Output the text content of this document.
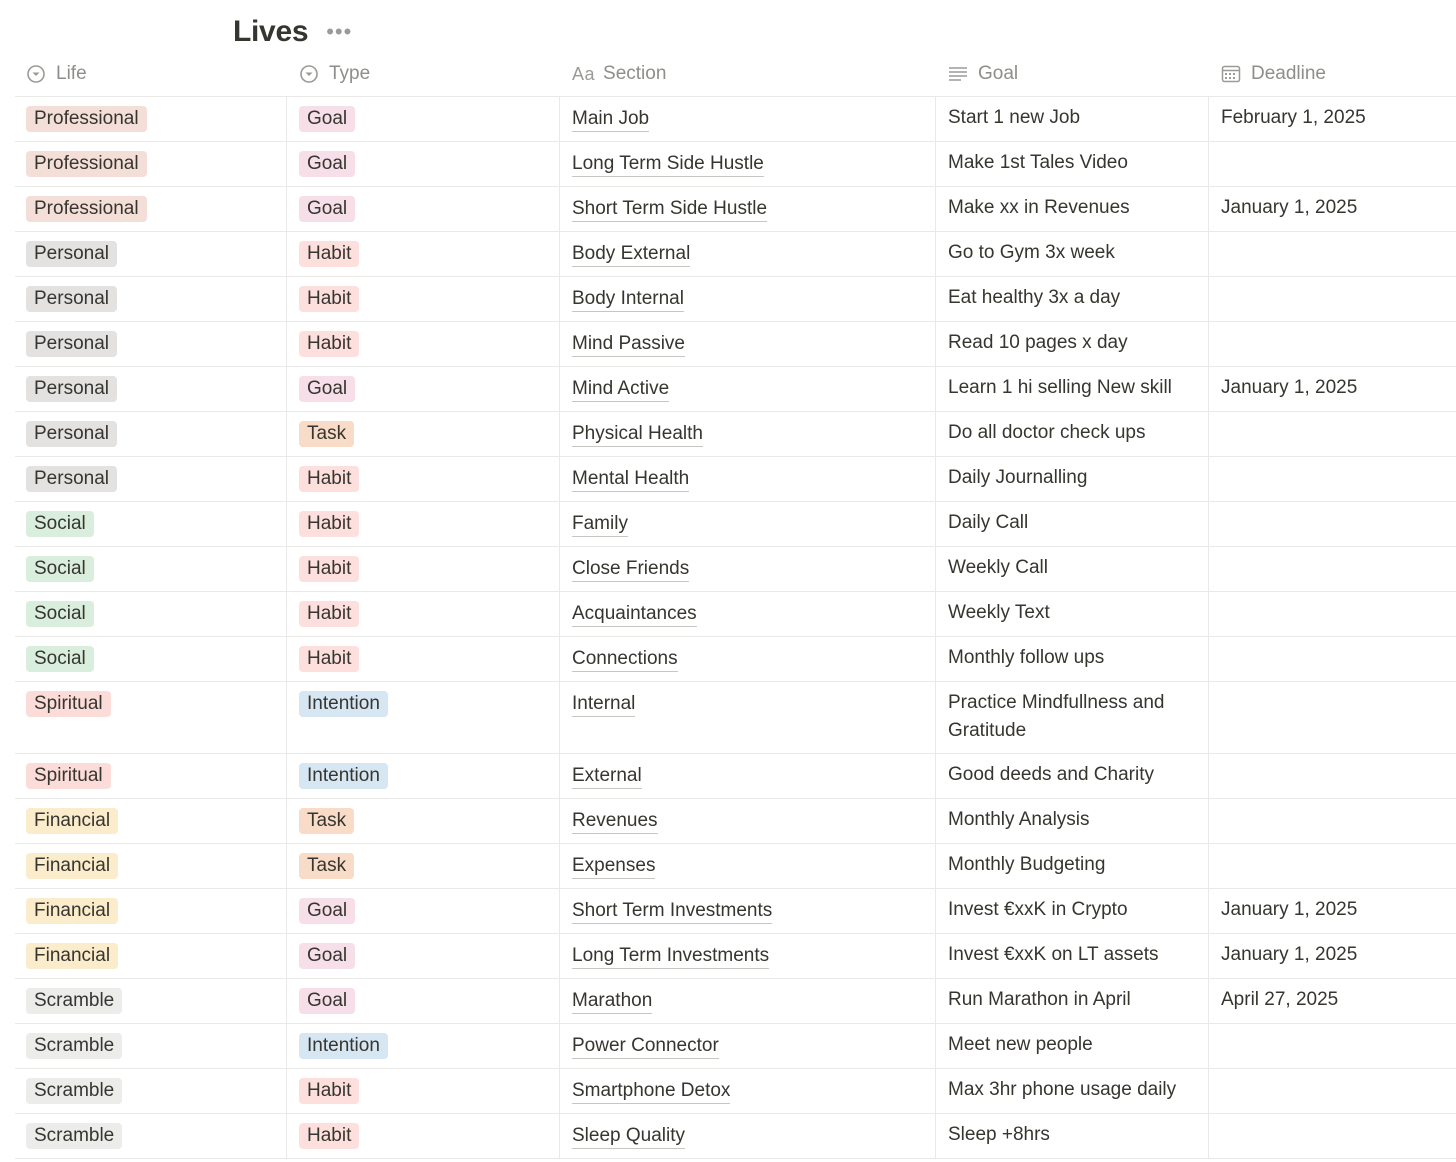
Lives •••
Life	Type	Aa Section	Goal	Deadline
Professional	Goal	Main Job	Start 1 new Job	February 1, 2025
Professional	Goal	Long Term Side Hustle	Make 1st Tales Video
Professional	Goal	Short Term Side Hustle	Make xx in Revenues	January 1, 2025
Personal	Habit	Body External	Go to Gym 3x week
Personal	Habit	Body Internal	Eat healthy 3x a day
Personal	Habit	Mind Passive	Read 10 pages x day
Personal	Goal	Mind Active	Learn 1 hi selling New skill	January 1, 2025
Personal	Task	Physical Health	Do all doctor check ups
Personal	Habit	Mental Health	Daily Journalling
Social	Habit	Family	Daily Call
Social	Habit	Close Friends	Weekly Call
Social	Habit	Acquaintances	Weekly Text
Social	Habit	Connections	Monthly follow ups
Spiritual	Intention	Internal	Practice Mindfullness and Gratitude
Spiritual	Intention	External	Good deeds and Charity
Financial	Task	Revenues	Monthly Analysis
Financial	Task	Expenses	Monthly Budgeting
Financial	Goal	Short Term Investments	Invest €xxK in Crypto	January 1, 2025
Financial	Goal	Long Term Investments	Invest €xxK on LT assets	January 1, 2025
Scramble	Goal	Marathon	Run Marathon in April	April 27, 2025
Scramble	Intention	Power Connector	Meet new people
Scramble	Habit	Smartphone Detox	Max 3hr phone usage daily
Scramble	Habit	Sleep Quality	Sleep +8hrs
